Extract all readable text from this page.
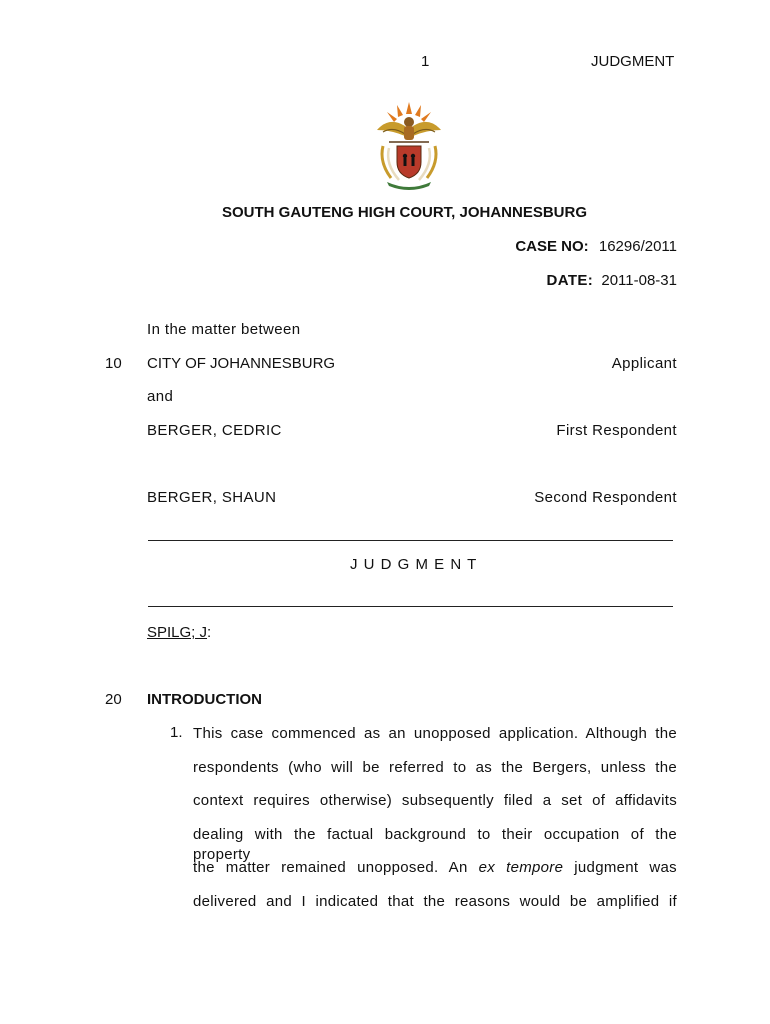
1	JUDGMENT
SOUTH GAUTENG HIGH COURT, JOHANNESBURG
CASE NO: 16296/2011
DATE: 2011-08-31
In the matter between
10 CITY OF JOHANNESBURG	Applicant
and
BERGER, CEDRIC	First Respondent
BERGER, SHAUN	Second Respondent
J U D G M E N T
SPILG; J:
20 INTRODUCTION
1. This case commenced as an unopposed application. Although the
respondents (who will be referred to as the Bergers, unless the
context requires otherwise) subsequently filed a set of affidavits
dealing with the factual background to their occupation of the property
the matter remained unopposed. An ex tempore judgment was
delivered and I indicated that the reasons would be amplified if
